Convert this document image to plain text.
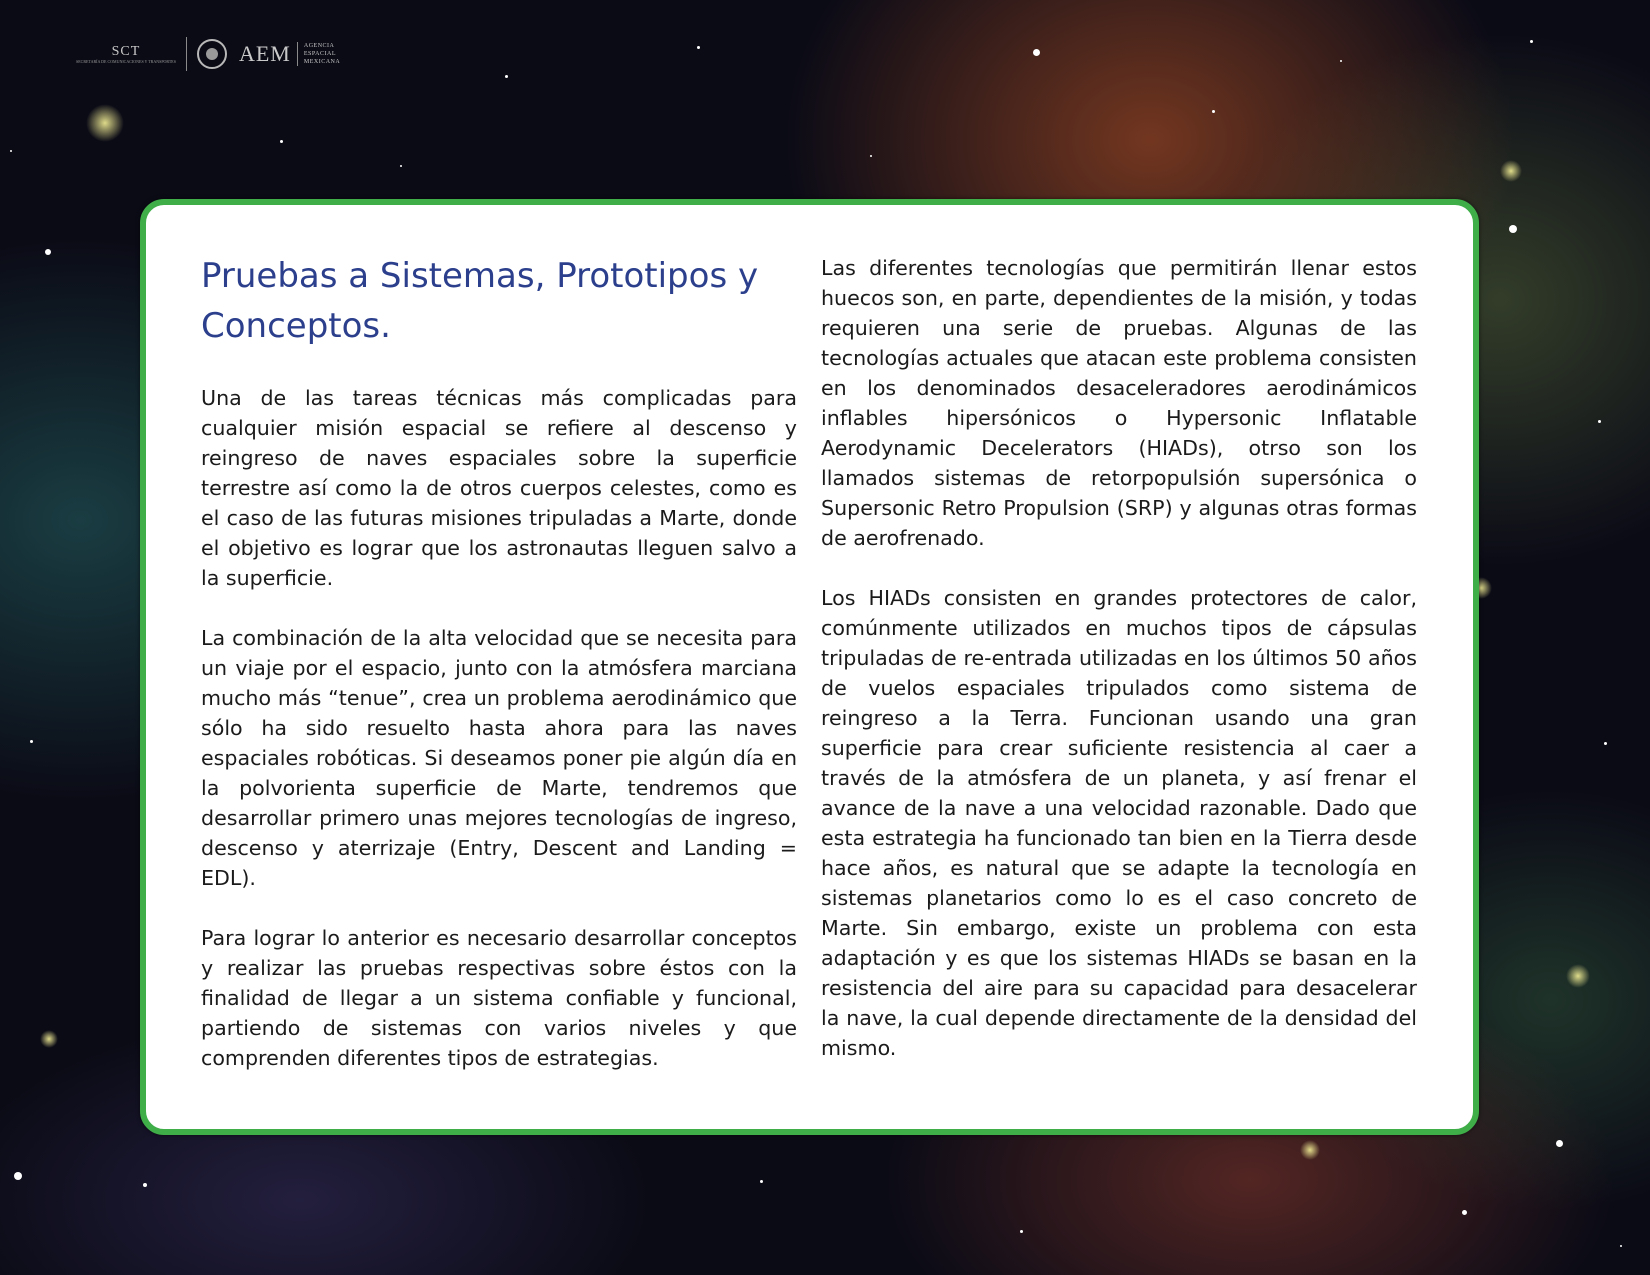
SCT
SECRETARÍA DE COMUNICACIONES Y TRANSPORTES	AEM AGENCIA
ESPACIAL
MEXICANA
Pruebas a Sistemas, Prototipos y Conceptos.

Una de las tareas técnicas más complicadas para cualquier misión espacial se refiere al descenso y reingreso de naves espaciales sobre la superficie terrestre así como la de otros cuerpos celestes, como es el caso de las futuras misiones tripuladas a Marte, donde el objetivo es lograr que los astronautas lleguen salvo a la superficie.

La combinación de la alta velocidad que se necesita para un viaje por el espacio, junto con la atmósfera marciana mucho más “tenue”, crea un problema aerodinámico que sólo ha sido resuelto hasta ahora para las naves espaciales robóticas. Si deseamos poner pie algún día en la polvorienta superficie de Marte, tendremos que desarrollar primero unas mejores tecnologías de ingreso, descenso y aterrizaje (Entry, Descent and Landing = EDL).

Para lograr lo anterior es necesario desarrollar conceptos y realizar las pruebas respectivas sobre éstos con la finalidad de llegar a un sistema confiable y funcional, partiendo de sistemas con varios niveles y que comprenden diferentes tipos de estrategias.

Las diferentes tecnologías que permitirán llenar estos huecos son, en parte, dependientes de la misión, y todas requieren una serie de pruebas. Algunas de las tecnologías actuales que atacan este problema consisten en los denominados desaceleradores aerodinámicos inflables hipersónicos o Hypersonic Inflatable Aerodynamic Decelerators (HIADs), otrso son los llamados sistemas de retorpopulsión supersónica o Supersonic Retro Propulsion (SRP) y algunas otras formas de aerofrenado.

Los HIADs consisten en grandes protectores de calor, comúnmente utilizados en muchos tipos de cápsulas tripuladas de re-entrada utilizadas en los últimos 50 años de vuelos espaciales tripulados como sistema de reingreso a la Terra. Funcionan usando una gran superficie para crear suficiente resistencia al caer a través de la atmósfera de un planeta, y así frenar el avance de la nave a una velocidad razonable. Dado que esta estrategia ha funcionado tan bien en la Tierra desde hace años, es natural que se adapte la tecnología en sistemas planetarios como lo es el caso concreto de Marte. Sin embargo, existe un problema con esta adaptación y es que los sistemas HIADs se basan en la resistencia del aire para su capacidad para desacelerar la nave, la cual depende directamente de la densidad del mismo.
